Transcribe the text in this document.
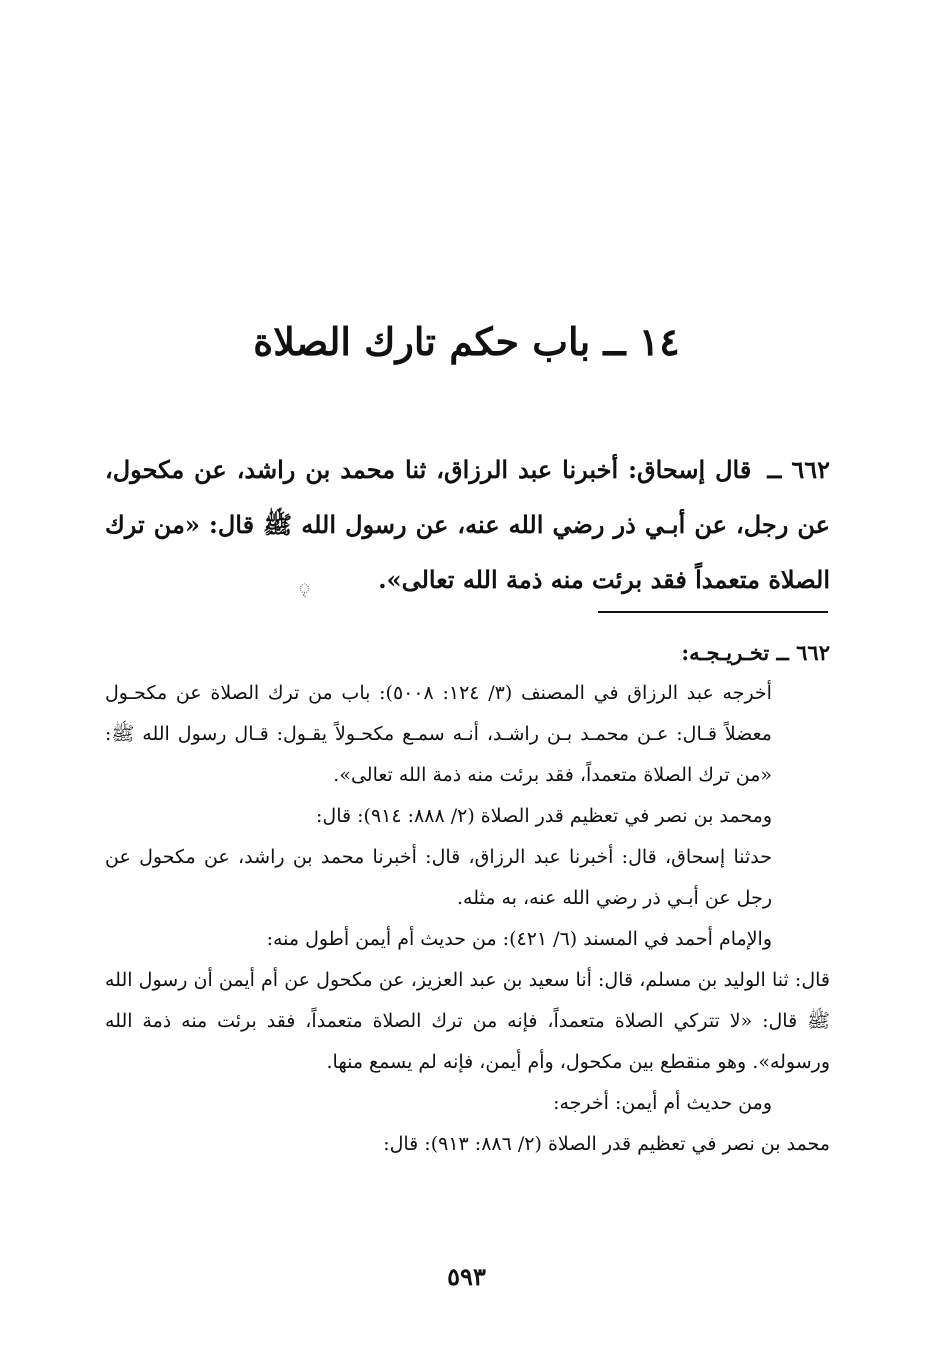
١٤ ــ باب حكم تارك الصلاة
٦٦٢ ــ قال إسحاق: أخبرنا عبد الرزاق، ثنا محمد بن راشد، عن مكحول، عن رجل، عن أبـي ذر رضي الله عنه، عن رسول الله ﷺ قال: «من ترك الصلاة متعمداً فقد برئت منه ذمة الله تعالى».
ৃ

٦٦٢ ــ تخـريـجـه:

أخرجه عبد الرزاق في المصنف (٣/ ١٢٤: ٥٠٠٨): باب من ترك الصلاة عن مكحـول معضلاً قـال: عـن محمـد بـن راشـد، أنـه سمـع مكحـولاً يقـول: قـال رسول الله ﷺ: «من ترك الصلاة متعمداً، فقد برئت منه ذمة الله تعالى».

ومحمد بن نصر في تعظيم قدر الصلاة (٢/ ٨٨٨: ٩١٤): قال:

حدثنا إسحاق، قال: أخبرنا عبد الرزاق، قال: أخبرنا محمد بن راشد، عن مكحول عن رجل عن أبـي ذر رضي الله عنه، به مثله.

والإمام أحمد في المسند (٦/ ٤٢١): من حديث أم أيمن أطول منه:

قال: ثنا الوليد بن مسلم، قال: أنا سعيد بن عبد العزيز، عن مكحول عن أم أيمن أن رسول الله ﷺ قال: «لا تتركي الصلاة متعمداً، فإنه من ترك الصلاة متعمداً، فقد برئت منه ذمة الله ورسوله». وهو منقطع بين مكحول، وأم أيمن، فإنه لم يسمع منها.

ومن حديث أم أيمن: أخرجه:

محمد بن نصر في تعظيم قدر الصلاة (٢/ ٨٨٦: ٩١٣): قال:

٥٩٣
